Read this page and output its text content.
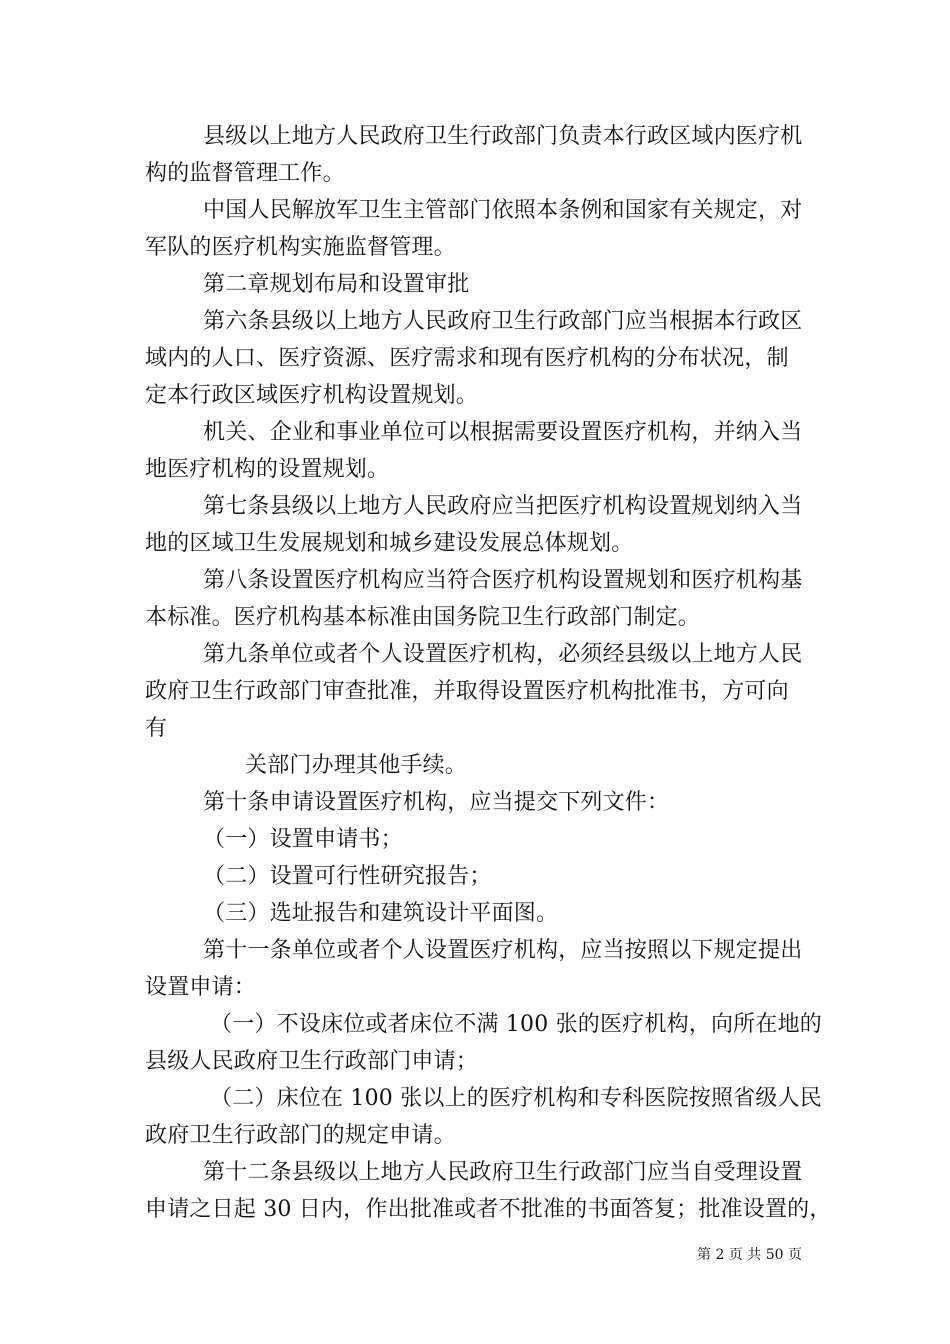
县级以上地方人民政府卫生行政部门负责本行政区域内医疗机
构的监督管理工作。
中国人民解放军卫生主管部门依照本条例和国家有关规定，对
军队的医疗机构实施监督管理。
第二章规划布局和设置审批
第六条县级以上地方人民政府卫生行政部门应当根据本行政区
域内的人口、医疗资源、医疗需求和现有医疗机构的分布状况，制
定本行政区域医疗机构设置规划。
机关、企业和事业单位可以根据需要设置医疗机构，并纳入当
地医疗机构的设置规划。
第七条县级以上地方人民政府应当把医疗机构设置规划纳入当
地的区域卫生发展规划和城乡建设发展总体规划。
第八条设置医疗机构应当符合医疗机构设置规划和医疗机构基
本标准。医疗机构基本标准由国务院卫生行政部门制定。
第九条单位或者个人设置医疗机构，必须经县级以上地方人民
政府卫生行政部门审查批准，并取得设置医疗机构批准书，方可向
有
关部门办理其他手续。
第十条申请设置医疗机构，应当提交下列文件：
（一）设置申请书；
（二）设置可行性研究报告；
（三）选址报告和建筑设计平面图。
第十一条单位或者个人设置医疗机构，应当按照以下规定提出
设置申请：
（一）不设床位或者床位不满 100 张的医疗机构，向所在地的
县级人民政府卫生行政部门申请；
（二）床位在 100 张以上的医疗机构和专科医院按照省级人民
政府卫生行政部门的规定申请。
第十二条县级以上地方人民政府卫生行政部门应当自受理设置
申请之日起 30 日内，作出批准或者不批准的书面答复；批准设置的，
第 2 页 共 50 页
